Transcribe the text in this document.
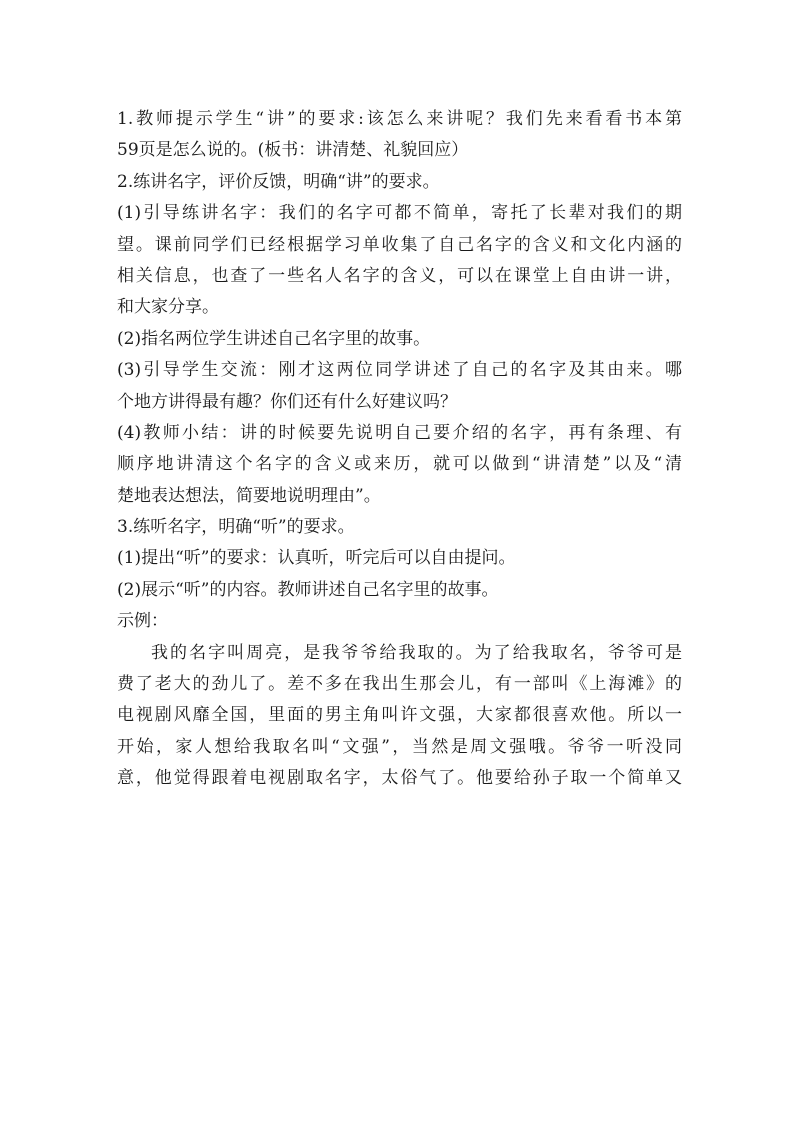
1.教师提示学生“讲”的要求:该怎么来讲呢？我们先来看看书本第
59页是怎么说的。(板书：讲清楚、礼貌回应）
2.练讲名字，评价反馈，明确“讲”的要求。
(1)引导练讲名字：我们的名字可都不简单，寄托了长辈对我们的期
望。课前同学们已经根据学习单收集了自己名字的含义和文化内涵的
相关信息，也查了一些名人名字的含义，可以在课堂上自由讲一讲，
和大家分享。
(2)指名两位学生讲述自己名字里的故事。
(3)引导学生交流：刚才这两位同学讲述了自己的名字及其由来。哪
个地方讲得最有趣？你们还有什么好建议吗？
(4)教师小结：讲的时候要先说明自己要介绍的名字，再有条理、有
顺序地讲清这个名字的含义或来历，就可以做到“讲清楚”以及“清
楚地表达想法，简要地说明理由”。
3.练听名字，明确“听”的要求。
(1)提出“听”的要求：认真听，听完后可以自由提问。
(2)展示“听”的内容。教师讲述自己名字里的故事。
示例：
我的名字叫周亮，是我爷爷给我取的。为了给我取名，爷爷可是
费了老大的劲儿了。差不多在我出生那会儿，有一部叫《上海滩》的
电视剧风靡全国，里面的男主角叫许文强，大家都很喜欢他。所以一
开始，家人想给我取名叫“文强”，当然是周文强哦。爷爷一听没同
意，他觉得跟着电视剧取名字，太俗气了。他要给孙子取一个简单又
